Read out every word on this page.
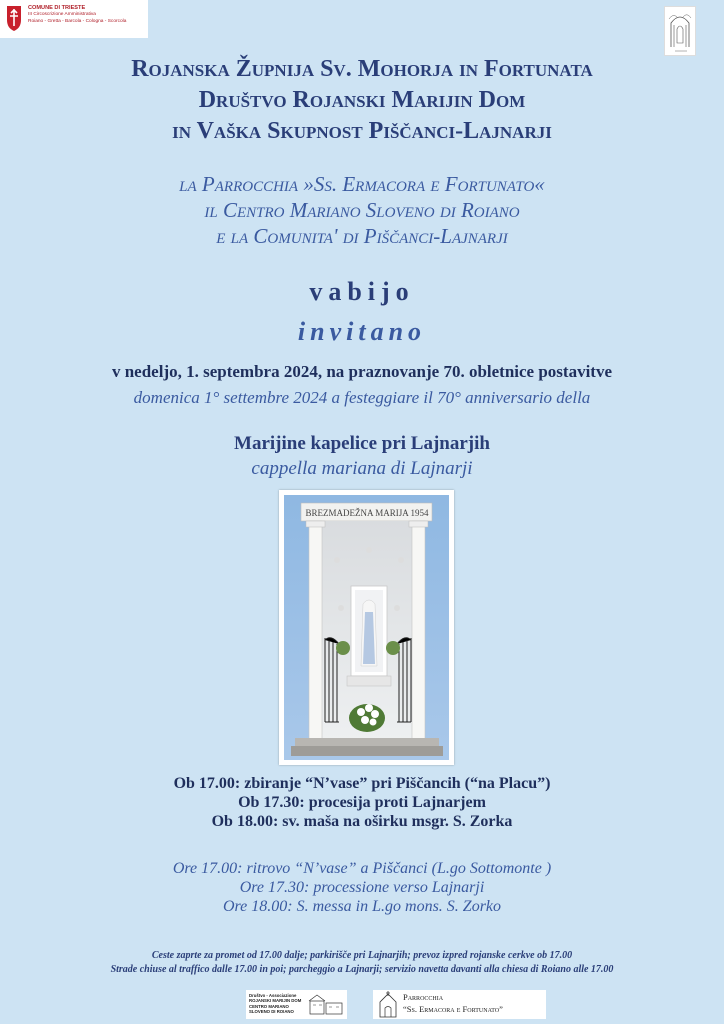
COMUNE DI TRIESTE
III Circoscrizione Amministrativa
Roiano - Gretta - Barcola - Cologna - Scorcola
Rojanska Župnija Sv. Mohorja in Fortunata
Društvo Rojanski Marijin Dom
in Vaška Skupnost Piščanci-Lajnarji
la Parrocchia »Ss. Ermacora e Fortunato«
il Centro Mariano Sloveno di Roiano
e la Comunita' di Piščanci-Lajnarji
vabijo
invitano
v nedeljo, 1. septembra 2024, na praznovanje 70. obletnice postavitve
domenica 1° settembre 2024 a festeggiare il 70° anniversario della
Marijine kapelice pri Lajnarjih
cappella mariana di Lajnarji
BREZMADEŽNA MARIJA 1954
Ob 17.00: zbiranje “N’vase” pri Piščancih (“na Placu”)
Ob 17.30: procesija proti Lajnarjem
Ob 18.00: sv. maša na oširku msgr. S. Zorka
Ore 17.00: ritrovo “N’vase” a Piščanci (L.go Sottomonte )
Ore 17.30: processione verso Lajnarji
Ore 18.00: S. messa in L.go mons. S. Zorko
Ceste zaprte za promet od 17.00 dalje; parkirišče pri Lajnarjih; prevoz izpred rojanske cerkve ob 17.00
Strade chiuse al traffico dalle 17.00 in poi; parcheggio a Lajnarji; servizio navetta davanti alla chiesa di Roiano alle 17.00
Društvo - Associazione
ROJANSKI MARIJIN DOM
CENTRO MARIANO
SLOVENO DI ROIANO
Parrocchia
“Ss. Ermacora e Fortunato”
